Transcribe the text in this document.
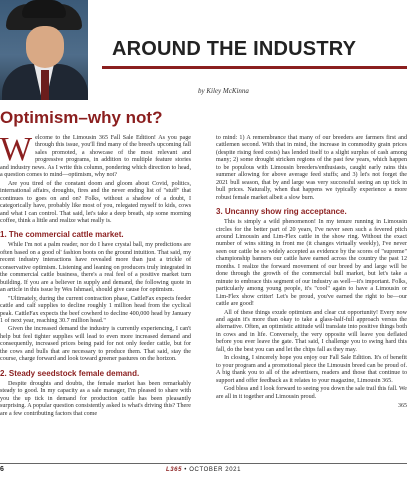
AROUND THE INDUSTRY
by Kiley McKinna
Optimism–why not?

Welcome to the Limousin 365 Fall Sale Edition! As you page through this issue, you'll find many of the breed's upcoming fall sales promoted, a showcase of the most relevant and progressive programs, in addition to multiple feature stories and industry news. As I write this column, pondering which direction to head, a question comes to mind—optimism, why not?

Are you tired of the constant doom and gloom about Covid, politics, international affairs, droughts, fires and the never ending list of "stuff" that continues to goes on and on? Folks, without a shadow of a doubt, I categorically have, probably like most of you, relegated myself to kids, cows and what I can control. That said, let's take a deep breath, sip some morning coffee, think a little and realize what really is.

1. The commercial cattle market.

While I'm not a palm reader, nor do I have crystal ball, my predictions are often based on a good ol' fashion boots on the ground intuition. That said, my recent industry interactions have revealed more than just a trickle of conservative optimism. Listening and leaning on producers truly integrated in the commercial cattle business, there's a real feel of a positive market turn building. If you are a believer in supply and demand, the following quote in an article in this issue by Wes Ishmael, should give cause for optimism.

"Ultimately, during the current contraction phase, CattleFax expects feeder cattle and calf supplies to decline roughly 1 million head from the cyclical peak. CattleFax expects the beef cowherd to decline 400,000 head by January 1 of next year, reaching 30.7 million head."

Given the increased demand the industry is currently experiencing, I can't help but feel tighter supplies will lead to even more increased demand and consequently, increased prices being paid for not only feeder cattle, but for the cows and bulls that are necessary to produce them. That said, stay the course, charge forward and look toward greener pastures on the horizon.

2. Steady seedstock female demand.

Despite droughts and doubts, the female market has been remarkably steady to good. In my capacity as a sale manager, I'm pleased to share with you the up tick in demand for production cattle has been pleasantly surprising. A popular question consistently asked is what's driving this? There are a few contributing factors that come

to mind: 1) A remembrance that many of our breeders are farmers first and cattlemen second. With that in mind, the increase in commodity grain prices (despite rising feed costs) has lended itself to a slight surplus of cash among many; 2) some drought stricken regions of the past few years, which happen to be populous with Limousin breeders/enthusiasts, caught early rains this summer allowing for above average feed stuffs; and 3) let's not forget the 2021 bull season, that by and large was very successful seeing an up tick in bull prices. Naturally, when that happens we typically experience a more robust female market albeit a slow burn.

3. Uncanny show ring acceptance.

This is simply a wild phenomenon! In my tenure running in Limousin circles for the better part of 20 years, I've never seen such a fevered pitch around Limousin and Lim-Flex cattle in the show ring. Without the exact number of wins sitting in front me (it changes virtually weekly), I've never seen our cattle be so widely accepted as evidence by the scores of "supreme" championship banners our cattle have earned across the country the past 12 months. I realize the forward movement of our breed by and large will be done through the growth of the commercial bull market, but let's take a minute to embrace this segment of our industry as well—it's important. Folks, particularly among young people, it's "cool" again to have a Limousin or Lim-Flex show critter! Let's be proud, you've earned the right to be—our cattle are good!

All of these things exude optimism and clear cut opportunity! Every now and again it's more than okay to take a glass-half-full approach versus the alternative. Often, an optimistic attitude will translate into positive things both in cows and in life. Conversely, the very opposite will leave you deflated before you ever leave the gate. That said, I challenge you to swing hard this fall, do the best you can and let the chips fall as they may.

In closing, I sincerely hope you enjoy our Fall Sale Edition. It's of benefit to your program and a promotional piece the Limousin breed can be proud of. A big thank you to all of the advertisers, readers and those that continue to support and offer feedback as it relates to your magazine, Limousin 365.

God bless and I look forward to seeing you down the sale trail this fall. We are all in it together and Limousin proud.

365
6	L365 • OCTOBER 2021
